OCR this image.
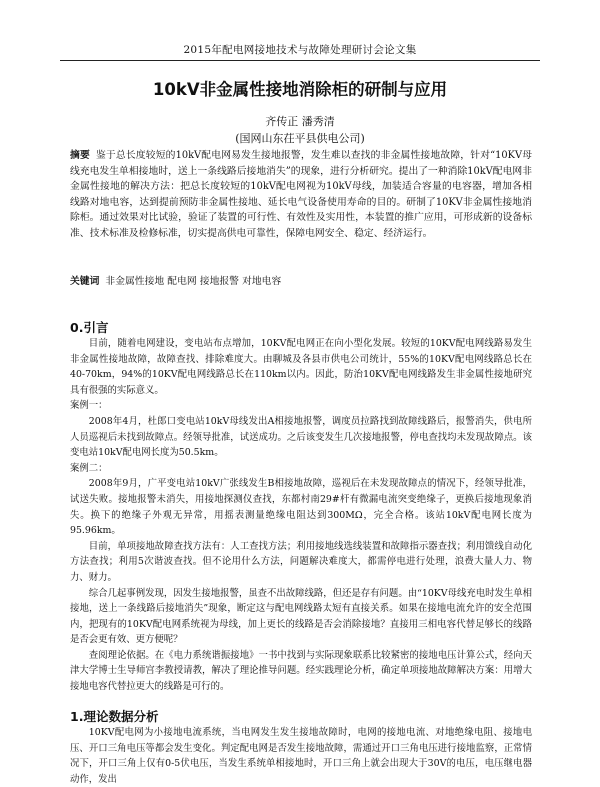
2015年配电网接地技术与故障处理研讨会论文集
10kV非金属性接地消除柜的研制与应用
齐传正 潘秀清
(国网山东茌平县供电公司)
摘要 鉴于总长度较短的10kV配电网易发生接地报警，发生难以查找的非金属性接地故障，针对“10KV母线充电发生单相接地时，送上一条线路后接地消失”的现象，进行分析研究。提出了一种消除10kV配电网非金属性接地的解决方法：把总长度较短的10kV配电网视为10kV母线，加装适合容量的电容器，增加各相线路对地电容，达到提前预防非金属性接地、延长电气设备使用寿命的目的。研制了10KV非金属性接地消除柜。通过效果对比试验，验证了装置的可行性、有效性及实用性，本装置的推广应用，可形成新的设备标准、技术标准及检修标准，切实提高供电可靠性，保障电网安全、稳定、经济运行。
关键词 非金属性接地 配电网 接地报警 对地电容
0.引言

目前，随着电网建设，变电站布点增加，10KV配电网正在向小型化发展。较短的10KV配电网线路易发生非金属性接地故障，故障查找、排除难度大。由聊城及各县市供电公司统计，55%的10KV配电网线路总长在40-70km，94%的10KV配电网线路总长在110km以内。因此，防治10KV配电网线路发生非金属性接地研究具有很强的实际意义。

案例一：

2008年4月，杜郎口变电站10kV母线发出A相接地报警，调度员拉路找到故障线路后，报警消失，供电所人员巡视后未找到故障点。经领导批准，试送成功。之后该变发生几次接地报警，停电查找均未发现故障点。该变电站10kV配电网长度为50.5km。

案例二：

2008年9月，广平变电站10kV广张线发生B相接地故障，巡视后在未发现故障点的情况下，经领导批准，试送失败。接地报警未消失，用接地探测仪查找，东都村南29#杆有微漏电流突变绝缘子，更换后接地现象消失。换下的绝缘子外观无异常，用摇表测量绝缘电阻达到300MΩ，完全合格。该站10kV配电网长度为95.96km。

目前，单项接地故障查找方法有：人工查找方法；利用接地线选线装置和故障指示器查找；利用馈线自动化方法查找；利用5次谐波查找。但不论用什么方法，问题解决难度大，都需停电进行处理，浪费大量人力、物力、财力。

综合几起事例发现，因发生接地报警，虽查不出故障线路，但还是存有问题。由“10KV母线充电时发生单相接地，送上一条线路后接地消失”现象，断定这与配电网线路太短有直接关系。如果在接地电流允许的安全范围内，把现有的10KV配电网系统视为母线，加上更长的线路是否会消除接地？直接用三相电容代替足够长的线路是否会更有效、更方便呢？

查阅理论依据。在《电力系统谐振接地》一书中找到与实际现象联系比较紧密的接地电压计算公式，经向天津大学博士生导师宫李教授请教，解决了理论推导问题。经实践理论分析，确定单项接地故障解决方案：用增大接地电容代替拉更大的线路是可行的。

1.理论数据分析

10KV配电网为小接地电流系统，当电网发生发生接地故障时，电网的接地电流、对地绝缘电阻、接地电压、开口三角电压等都会发生变化。判定配电网是否发生接地故障，需通过开口三角电压进行接地监察，正常情况下，开口三角上仅有0-5伏电压，当发生系统单相接地时，开口三角上就会出现大于30V的电压，电压继电器动作，发出
